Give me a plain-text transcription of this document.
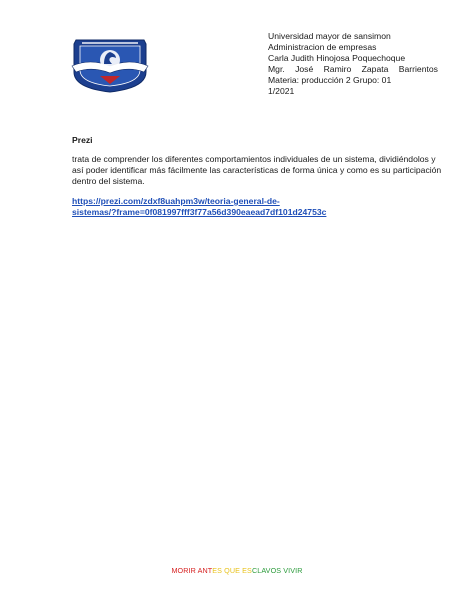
Universidad mayor de sansimon
Administracion de empresas
Carla Judith Hinojosa Poquechoque
Mgr. José Ramiro Zapata Barrientos
Materia: producción 2 Grupo: 01
1/2021
Prezi
trata de comprender los diferentes comportamientos individuales de un sistema, dividiéndolos y
así poder identificar más fácilmente las características de forma única y como es su participación
dentro del sistema.
https://prezi.com/zdxf8uahpm3w/teoria-general-de-
sistemas/?frame=0f081997fff3f77a56d390eaead7df101d24753c
MORIR ANTES QUE ESCLAVOS VIVIR
